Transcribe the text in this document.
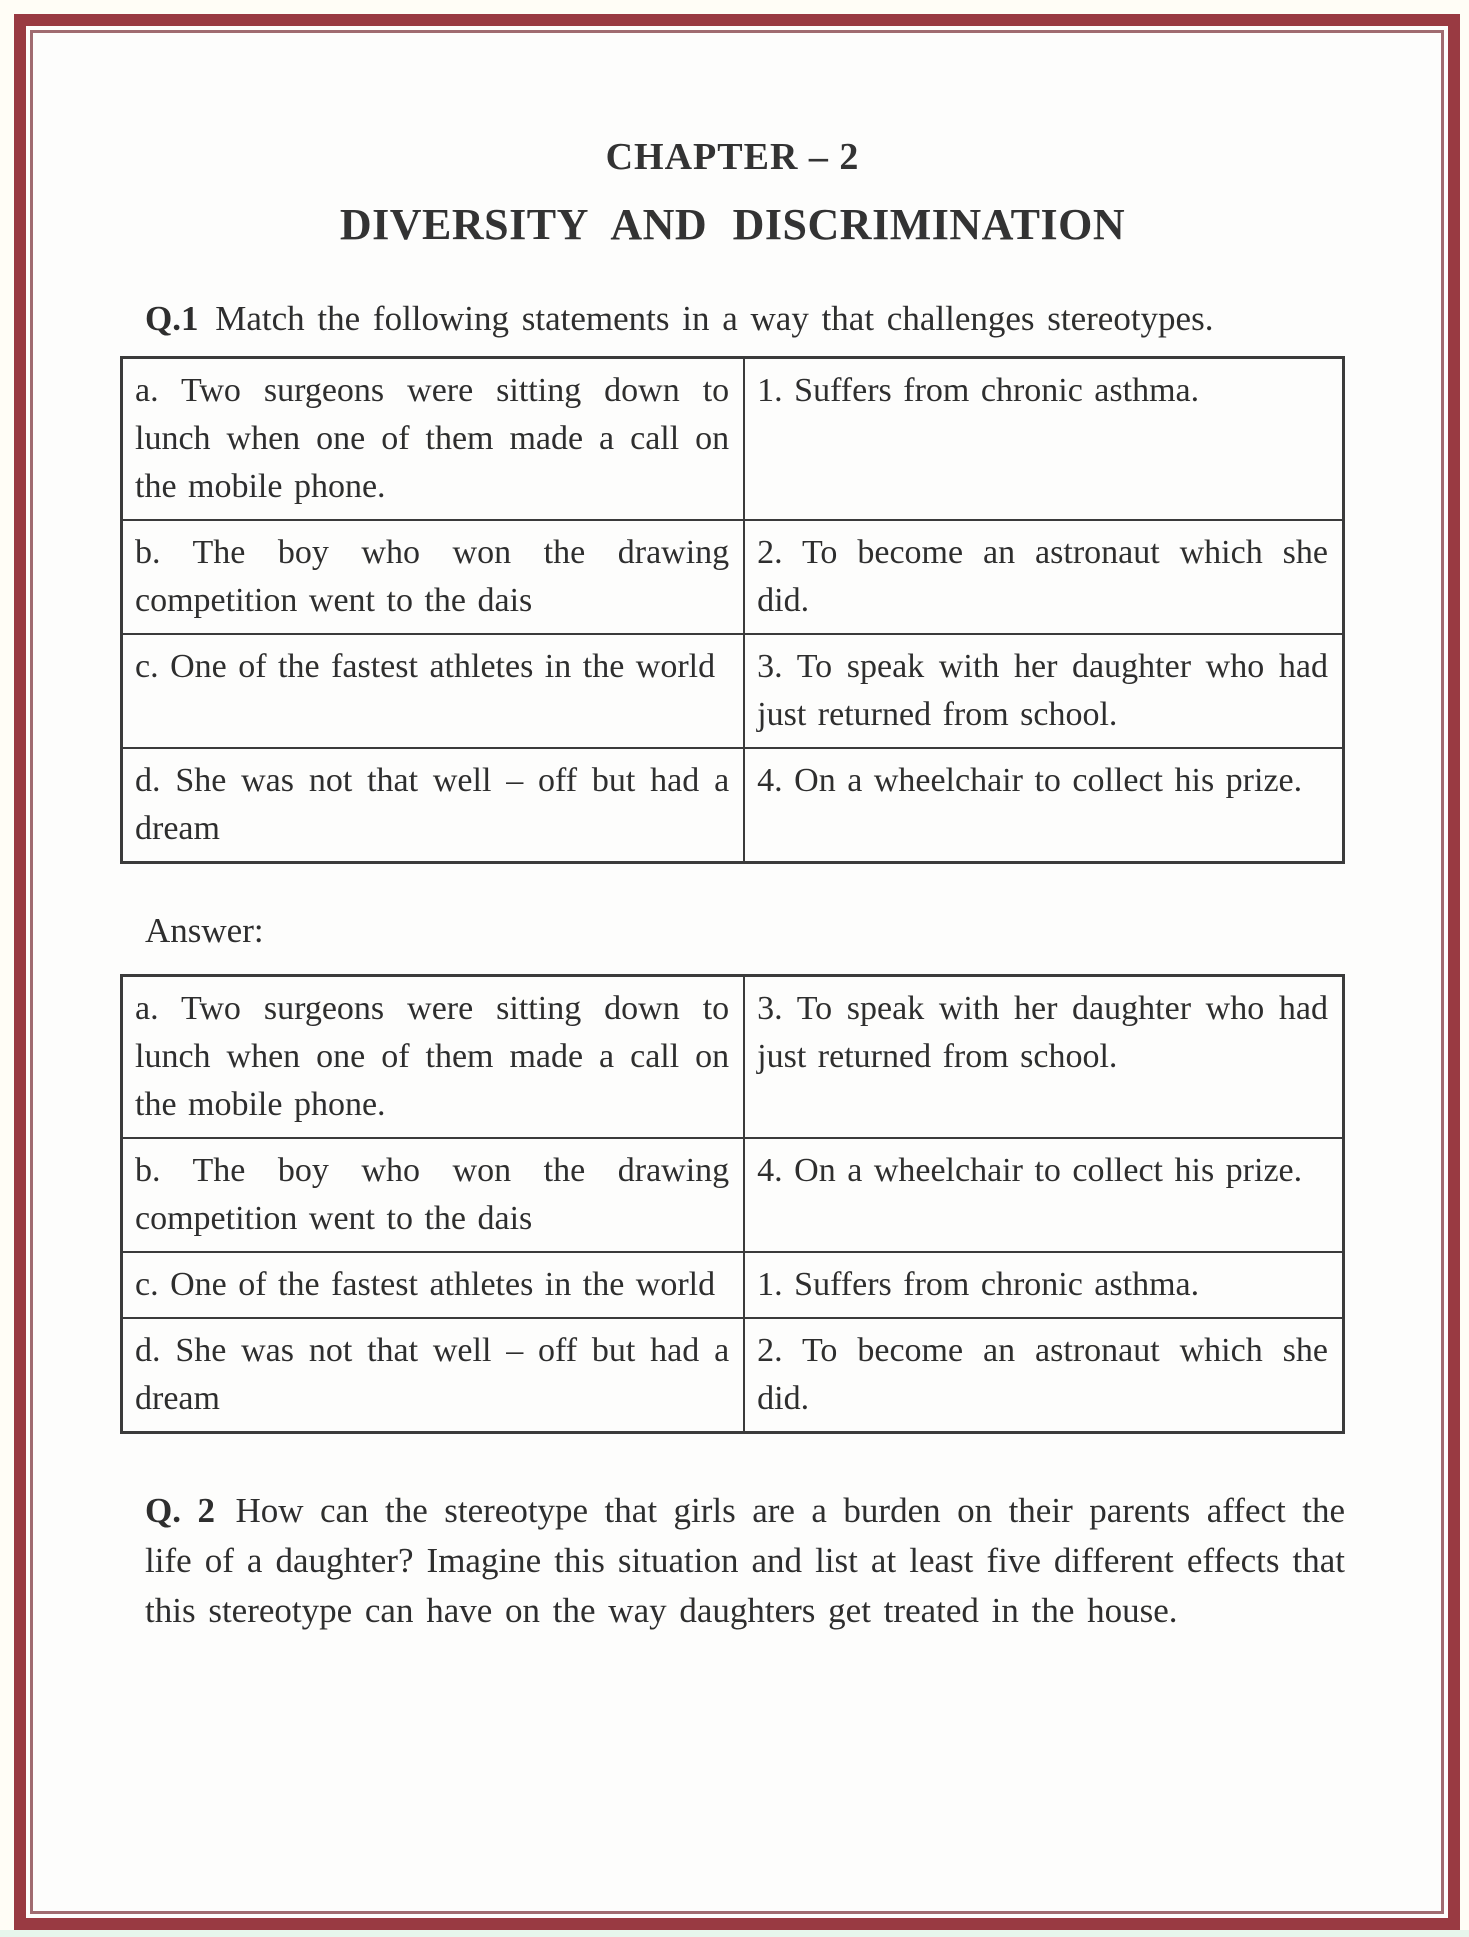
CHAPTER – 2
DIVERSITY AND DISCRIMINATION

Q.1 Match the following statements in a way that challenges stereotypes.

a. Two surgeons were sitting down to lunch when one of them made a call on the mobile phone.	1. Suffers from chronic asthma.
b. The boy who won the drawing competition went to the dais	2. To become an astronaut which she did.
c. One of the fastest athletes in the world	3. To speak with her daughter who had just returned from school.
d. She was not that well – off but had a dream	4. On a wheelchair to collect his prize.

Answer:

a. Two surgeons were sitting down to lunch when one of them made a call on the mobile phone.	3. To speak with her daughter who had just returned from school.
b. The boy who won the drawing competition went to the dais	4. On a wheelchair to collect his prize.
c. One of the fastest athletes in the world	1. Suffers from chronic asthma.
d. She was not that well – off but had a dream	2. To become an astronaut which she did.

Q. 2 How can the stereotype that girls are a burden on their parents affect the life of a daughter? Imagine this situation and list at least five different effects that this stereotype can have on the way daughters get treated in the house.
